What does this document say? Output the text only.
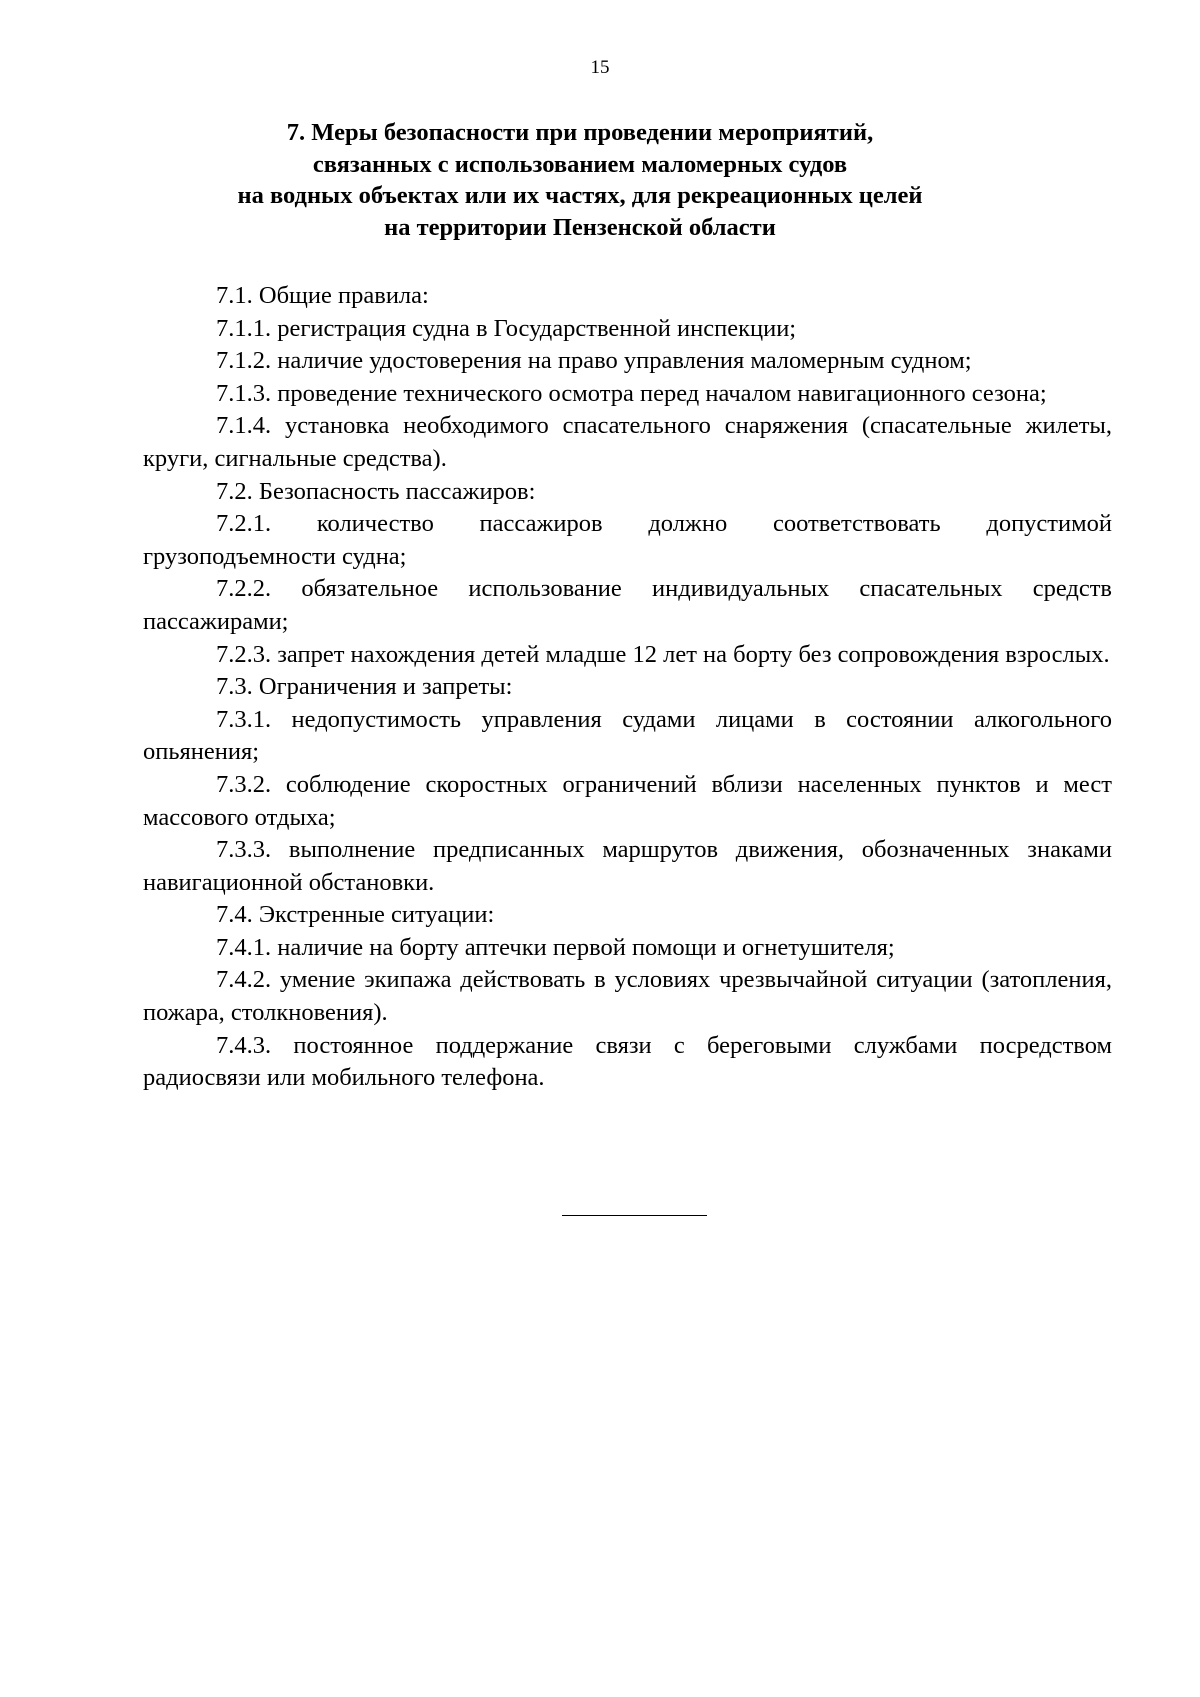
15
7. Меры безопасности при проведении мероприятий,
связанных с использованием маломерных судов
на водных объектах или их частях, для рекреационных целей
на территории Пензенской области

7.1. Общие правила:

7.1.1. регистрация судна в Государственной инспекции;

7.1.2. наличие удостоверения на право управления маломерным судном;

7.1.3. проведение технического осмотра перед началом навигационного сезона;

7.1.4. установка необходимого спасательного снаряжения (спасательные жилеты, круги, сигнальные средства).

7.2. Безопасность пассажиров:

7.2.1. количество пассажиров должно соответствовать допустимой грузоподъемности судна;

7.2.2. обязательное использование индивидуальных спасательных средств пассажирами;

7.2.3. запрет нахождения детей младше 12 лет на борту без сопровождения взрослых.

7.3. Ограничения и запреты:

7.3.1. недопустимость управления судами лицами в состоянии алкогольного опьянения;

7.3.2. соблюдение скоростных ограничений вблизи населенных пунктов и мест массового отдыха;

7.3.3. выполнение предписанных маршрутов движения, обозначенных знаками навигационной обстановки.

7.4. Экстренные ситуации:

7.4.1. наличие на борту аптечки первой помощи и огнетушителя;

7.4.2. умение экипажа действовать в условиях чрезвычайной ситуации (затопления, пожара, столкновения).

7.4.3. постоянное поддержание связи с береговыми службами посредством радиосвязи или мобильного телефона.
